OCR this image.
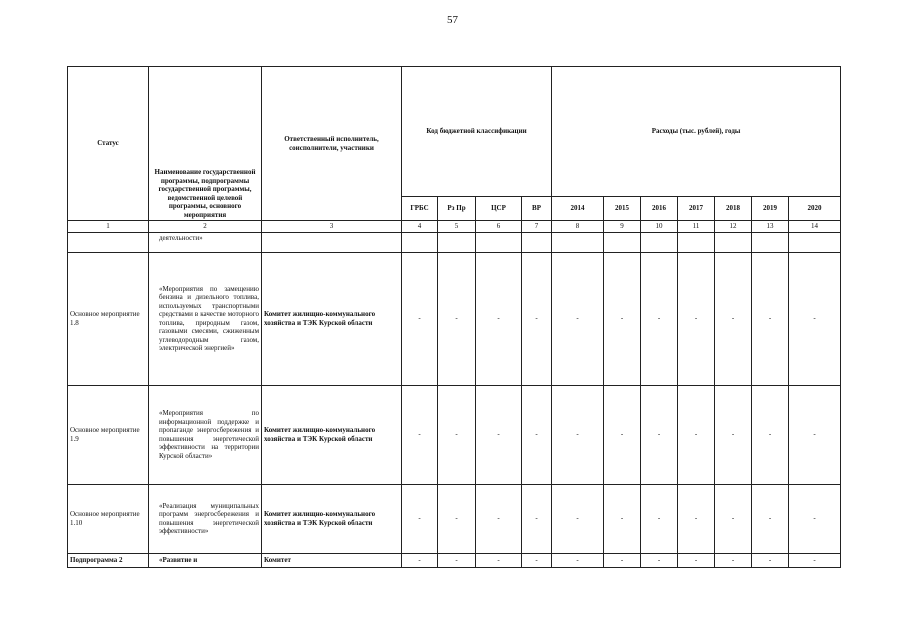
57
Статус	Наименование государственной программы, подпрограммы государственной программы, ведомственной целевой программы, основного мероприятия	Ответственный исполнитель, соисполнители, участники	Код бюджетной классификации				Расходы (тыс. рублей), годы						
			ГРБС	Рз Пр	ЦСР	ВР	2014	2015	2016	2017	2018	2019	2020
1	2	3	4	5	6	7	8	9	10	11	12	13	14
	деятельности»												
Основное мероприятие 1.8	«Мероприятия по замещению бензина и дизельного топлива, используемых транспортными средствами в качестве моторного топлива, природным газом, газовыми смесями, сжиженным углеводородным газом, электрической энергией»	Комитет жилищно-коммунального хозяйства и ТЭК Курской области	-	-	-	-	-	-	-	-	-	-	-
Основное мероприятие 1.9	«Мероприятия по информационной поддержке и пропаганде энергосбережения и повышения энергетической эффективности на территории Курской области»	Комитет жилищно-коммунального хозяйства и ТЭК Курской области	-	-	-	-	-	-	-	-	-	-	-
Основное мероприятие 1.10	«Реализация муниципальных программ энергосбережения и повышения энергетической эффективности»	Комитет жилищно-коммунального хозяйства и ТЭК Курской области	-	-	-	-	-	-	-	-	-	-	-
Подпрограмма 2	«Развитие и	Комитет	-	-	-	-	-	-	-	-	-	-	-
